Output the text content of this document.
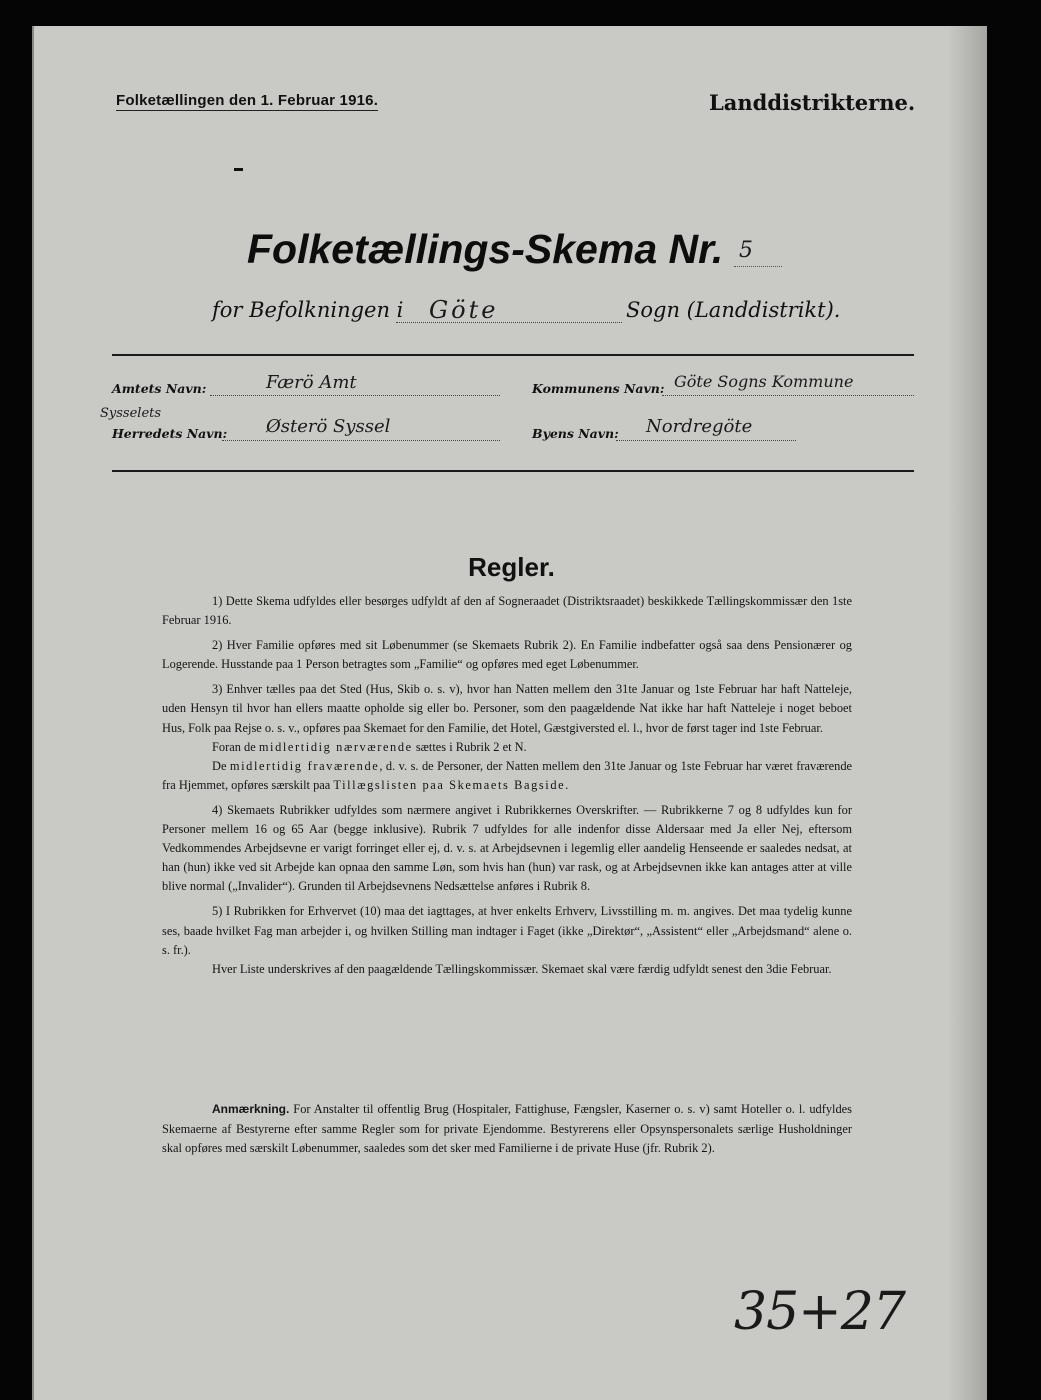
Folketællingen den 1. Februar 1916.	Landdistrikterne.
Folketællings-Skema Nr. 5
for Befolkningen i Göte	Sogn (Landdistrikt).
Amtets Navn:	Færö Amt	Kommunens Navn: Göte Sogns Kommune
Sysselets
Herredets Navn: Østerö Syssel	Byens Navn: Nordregöte
Regler.

1) Dette Skema udfyldes eller besørges udfyldt af den af Sogneraadet (Distriktsraadet) beskikkede Tællingskommissær den 1ste Februar 1916.

2) Hver Familie opføres med sit Løbenummer (se Skemaets Rubrik 2). En Familie indbefatter også saa dens Pensionærer og Logerende. Husstande paa 1 Person betragtes som „Familie“ og opføres med eget Løbenummer.

3) Enhver tælles paa det Sted (Hus, Skib o. s. v), hvor han Natten mellem den 31te Januar og 1ste Februar har haft Natteleje, uden Hensyn til hvor han ellers maatte opholde sig eller bo. Personer, som den paagældende Nat ikke har haft Natteleje i noget beboet Hus, Folk paa Rejse o. s. v., opføres paa Skemaet for den Familie, det Hotel, Gæstgiversted el. l., hvor de først tager ind 1ste Februar.

Foran de midlertidig nærværende sættes i Rubrik 2 et N.

De midlertidig fraværende, d. v. s. de Personer, der Natten mellem den 31te Januar og 1ste Februar har været fraværende fra Hjemmet, opføres særskilt paa Tillægslisten paa Skemaets Bagside.

4) Skemaets Rubrikker udfyldes som nærmere angivet i Rubrikkernes Overskrifter. — Rubrikkerne 7 og 8 udfyldes kun for Personer mellem 16 og 65 Aar (begge inklusive). Rubrik 7 udfyldes for alle indenfor disse Aldersaar med Ja eller Nej, eftersom Vedkommendes Arbejdsevne er varigt forringet eller ej, d. v. s. at Arbejdsevnen i legemlig eller aandelig Henseende er saaledes nedsat, at han (hun) ikke ved sit Arbejde kan opnaa den samme Løn, som hvis han (hun) var rask, og at Arbejdsevnen ikke kan antages atter at ville blive normal („Invalider“). Grunden til Arbejdsevnens Nedsættelse anføres i Rubrik 8.

5) I Rubrikken for Erhvervet (10) maa det iagttages, at hver enkelts Erhverv, Livsstilling m. m. angives. Det maa tydelig kunne ses, baade hvilket Fag man arbejder i, og hvilken Stilling man indtager i Faget (ikke „Direktør“, „Assistent“ eller „Arbejdsmand“ alene o. s. fr.).

Hver Liste underskrives af den paagældende Tællingskommissær. Skemaet skal være færdig udfyldt senest den 3die Februar.

Anmærkning. For Anstalter til offentlig Brug (Hospitaler, Fattighuse, Fængsler, Kaserner o. s. v) samt Hoteller o. l. udfyldes Skemaerne af Bestyrerne efter samme Regler som for private Ejendomme. Bestyrerens eller Opsynspersonalets særlige Husholdninger skal opføres med særskilt Løbenummer, saaledes som det sker med Familierne i de private Huse (jfr. Rubrik 2).
35+27
